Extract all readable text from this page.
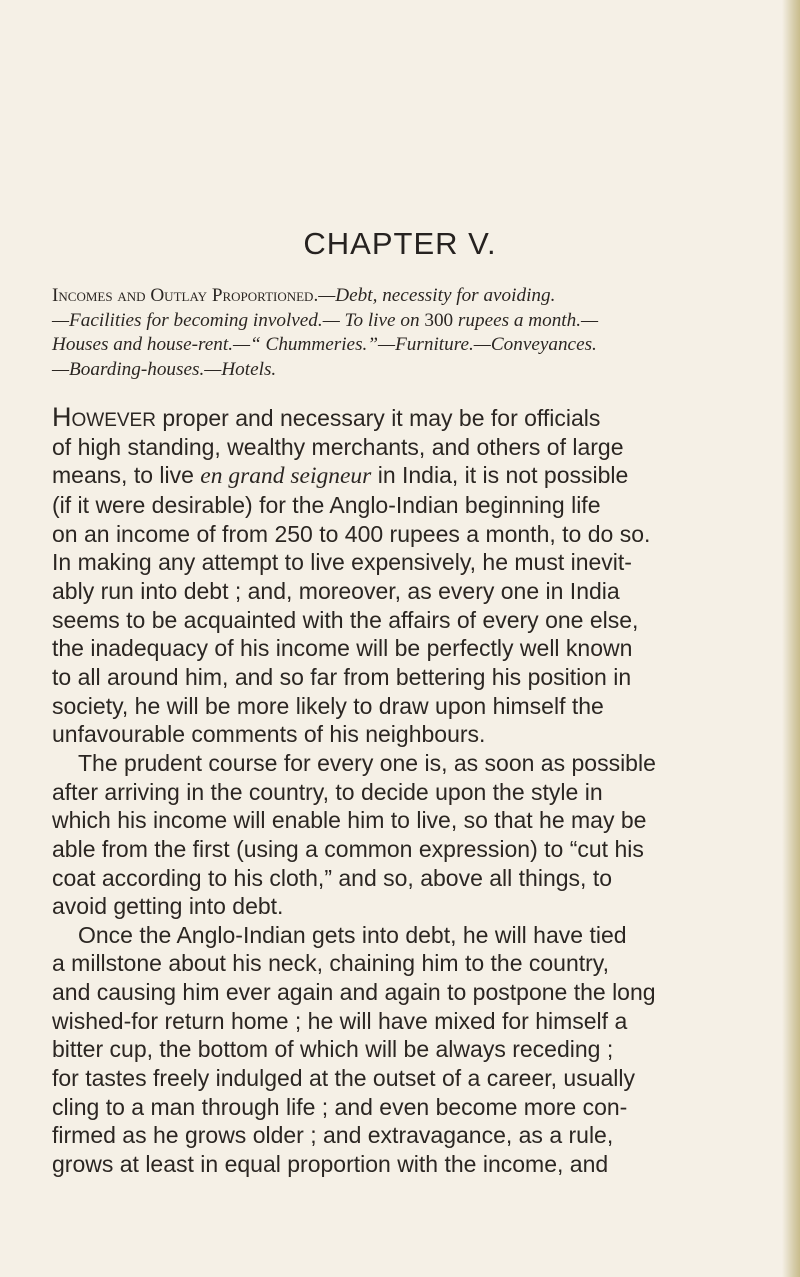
CHAPTER V.
Incomes and Outlay Proportioned.—Debt, necessity for avoiding.
—Facilities for becoming involved.— To live on 300 rupees a month.—
Houses and house-rent.—“ Chummeries.”—Furniture.—Conveyances.
—Boarding-houses.—Hotels.
However proper and necessary it may be for officials
of high standing, wealthy merchants, and others of large
means, to live en grand seigneur in India, it is not possible
(if it were desirable) for the Anglo-Indian beginning life
on an income of from 250 to 400 rupees a month, to do so.
In making any attempt to live expensively, he must inevit-
ably run into debt ; and, moreover, as every one in India
seems to be acquainted with the affairs of every one else,
the inadequacy of his income will be perfectly well known
to all around him, and so far from bettering his position in
society, he will be more likely to draw upon himself the
unfavourable comments of his neighbours.
The prudent course for every one is, as soon as possible
after arriving in the country, to decide upon the style in
which his income will enable him to live, so that he may be
able from the first (using a common expression) to “cut his
coat according to his cloth,” and so, above all things, to
avoid getting into debt.
Once the Anglo-Indian gets into debt, he will have tied
a millstone about his neck, chaining him to the country,
and causing him ever again and again to postpone the long
wished-for return home ; he will have mixed for himself a
bitter cup, the bottom of which will be always receding ;
for tastes freely indulged at the outset of a career, usually
cling to a man through life ; and even become more con-
firmed as he grows older ; and extravagance, as a rule,
grows at least in equal proportion with the income, and
